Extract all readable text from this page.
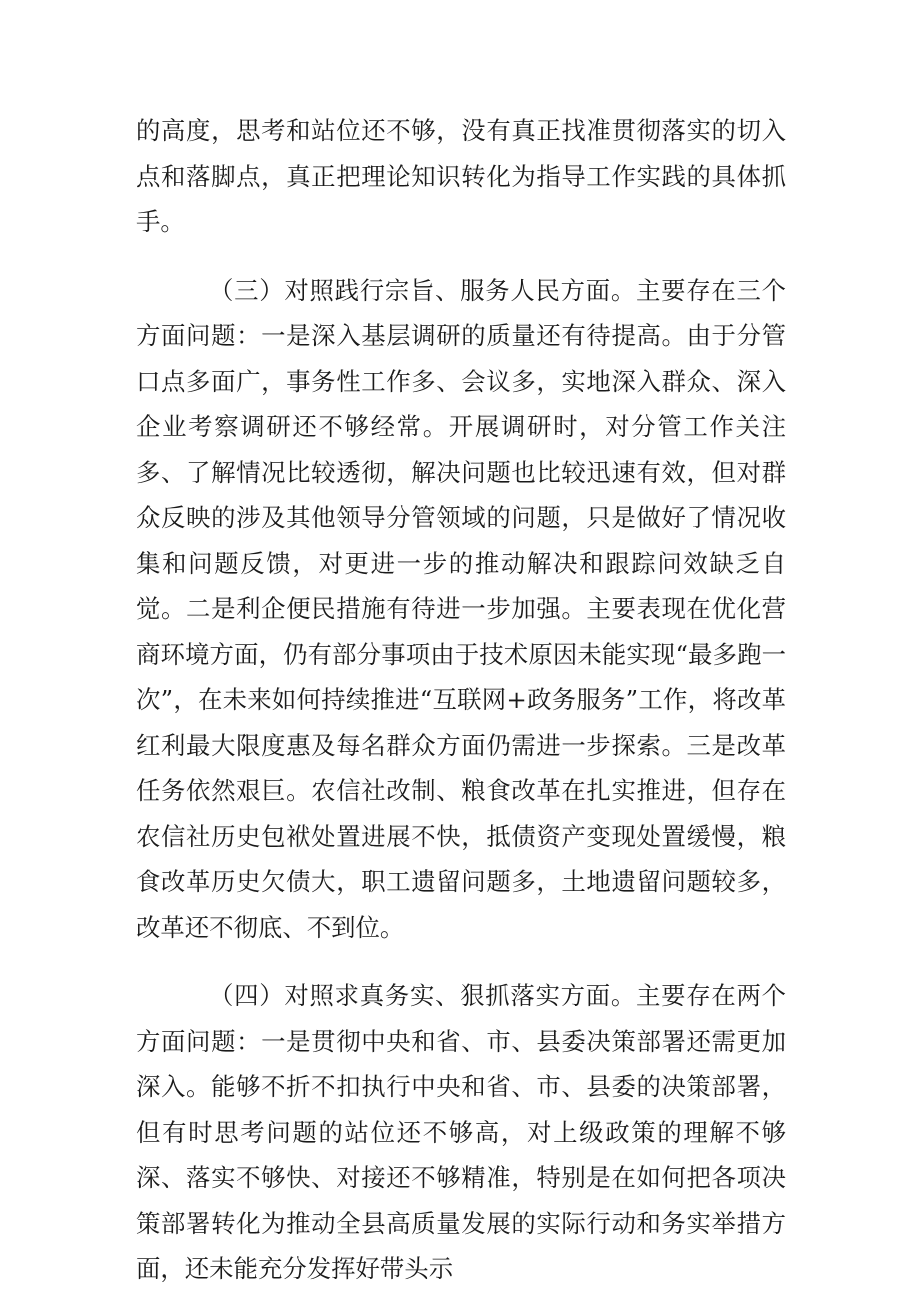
的高度，思考和站位还不够，没有真正找准贯彻落实的切入点和落脚点，真正把理论知识转化为指导工作实践的具体抓手。

（三）对照践行宗旨、服务人民方面。主要存在三个方面问题：一是深入基层调研的质量还有待提高。由于分管口点多面广，事务性工作多、会议多，实地深入群众、深入企业考察调研还不够经常。开展调研时，对分管工作关注多、了解情况比较透彻，解决问题也比较迅速有效，但对群众反映的涉及其他领导分管领域的问题，只是做好了情况收集和问题反馈，对更进一步的推动解决和跟踪问效缺乏自觉。二是利企便民措施有待进一步加强。主要表现在优化营商环境方面，仍有部分事项由于技术原因未能实现“最多跑一次”，在未来如何持续推进“互联网+政务服务”工作，将改革红利最大限度惠及每名群众方面仍需进一步探索。三是改革任务依然艰巨。农信社改制、粮食改革在扎实推进，但存在农信社历史包袱处置进展不快，抵债资产变现处置缓慢，粮食改革历史欠债大，职工遗留问题多，土地遗留问题较多，改革还不彻底、不到位。

（四）对照求真务实、狠抓落实方面。主要存在两个方面问题：一是贯彻中央和省、市、县委决策部署还需更加深入。能够不折不扣执行中央和省、市、县委的决策部署，但有时思考问题的站位还不够高，对上级政策的理解不够深、落实不够快、对接还不够精准，特别是在如何把各项决策部署转化为推动全县高质量发展的实际行动和务实举措方面，还未能充分发挥好带头示
